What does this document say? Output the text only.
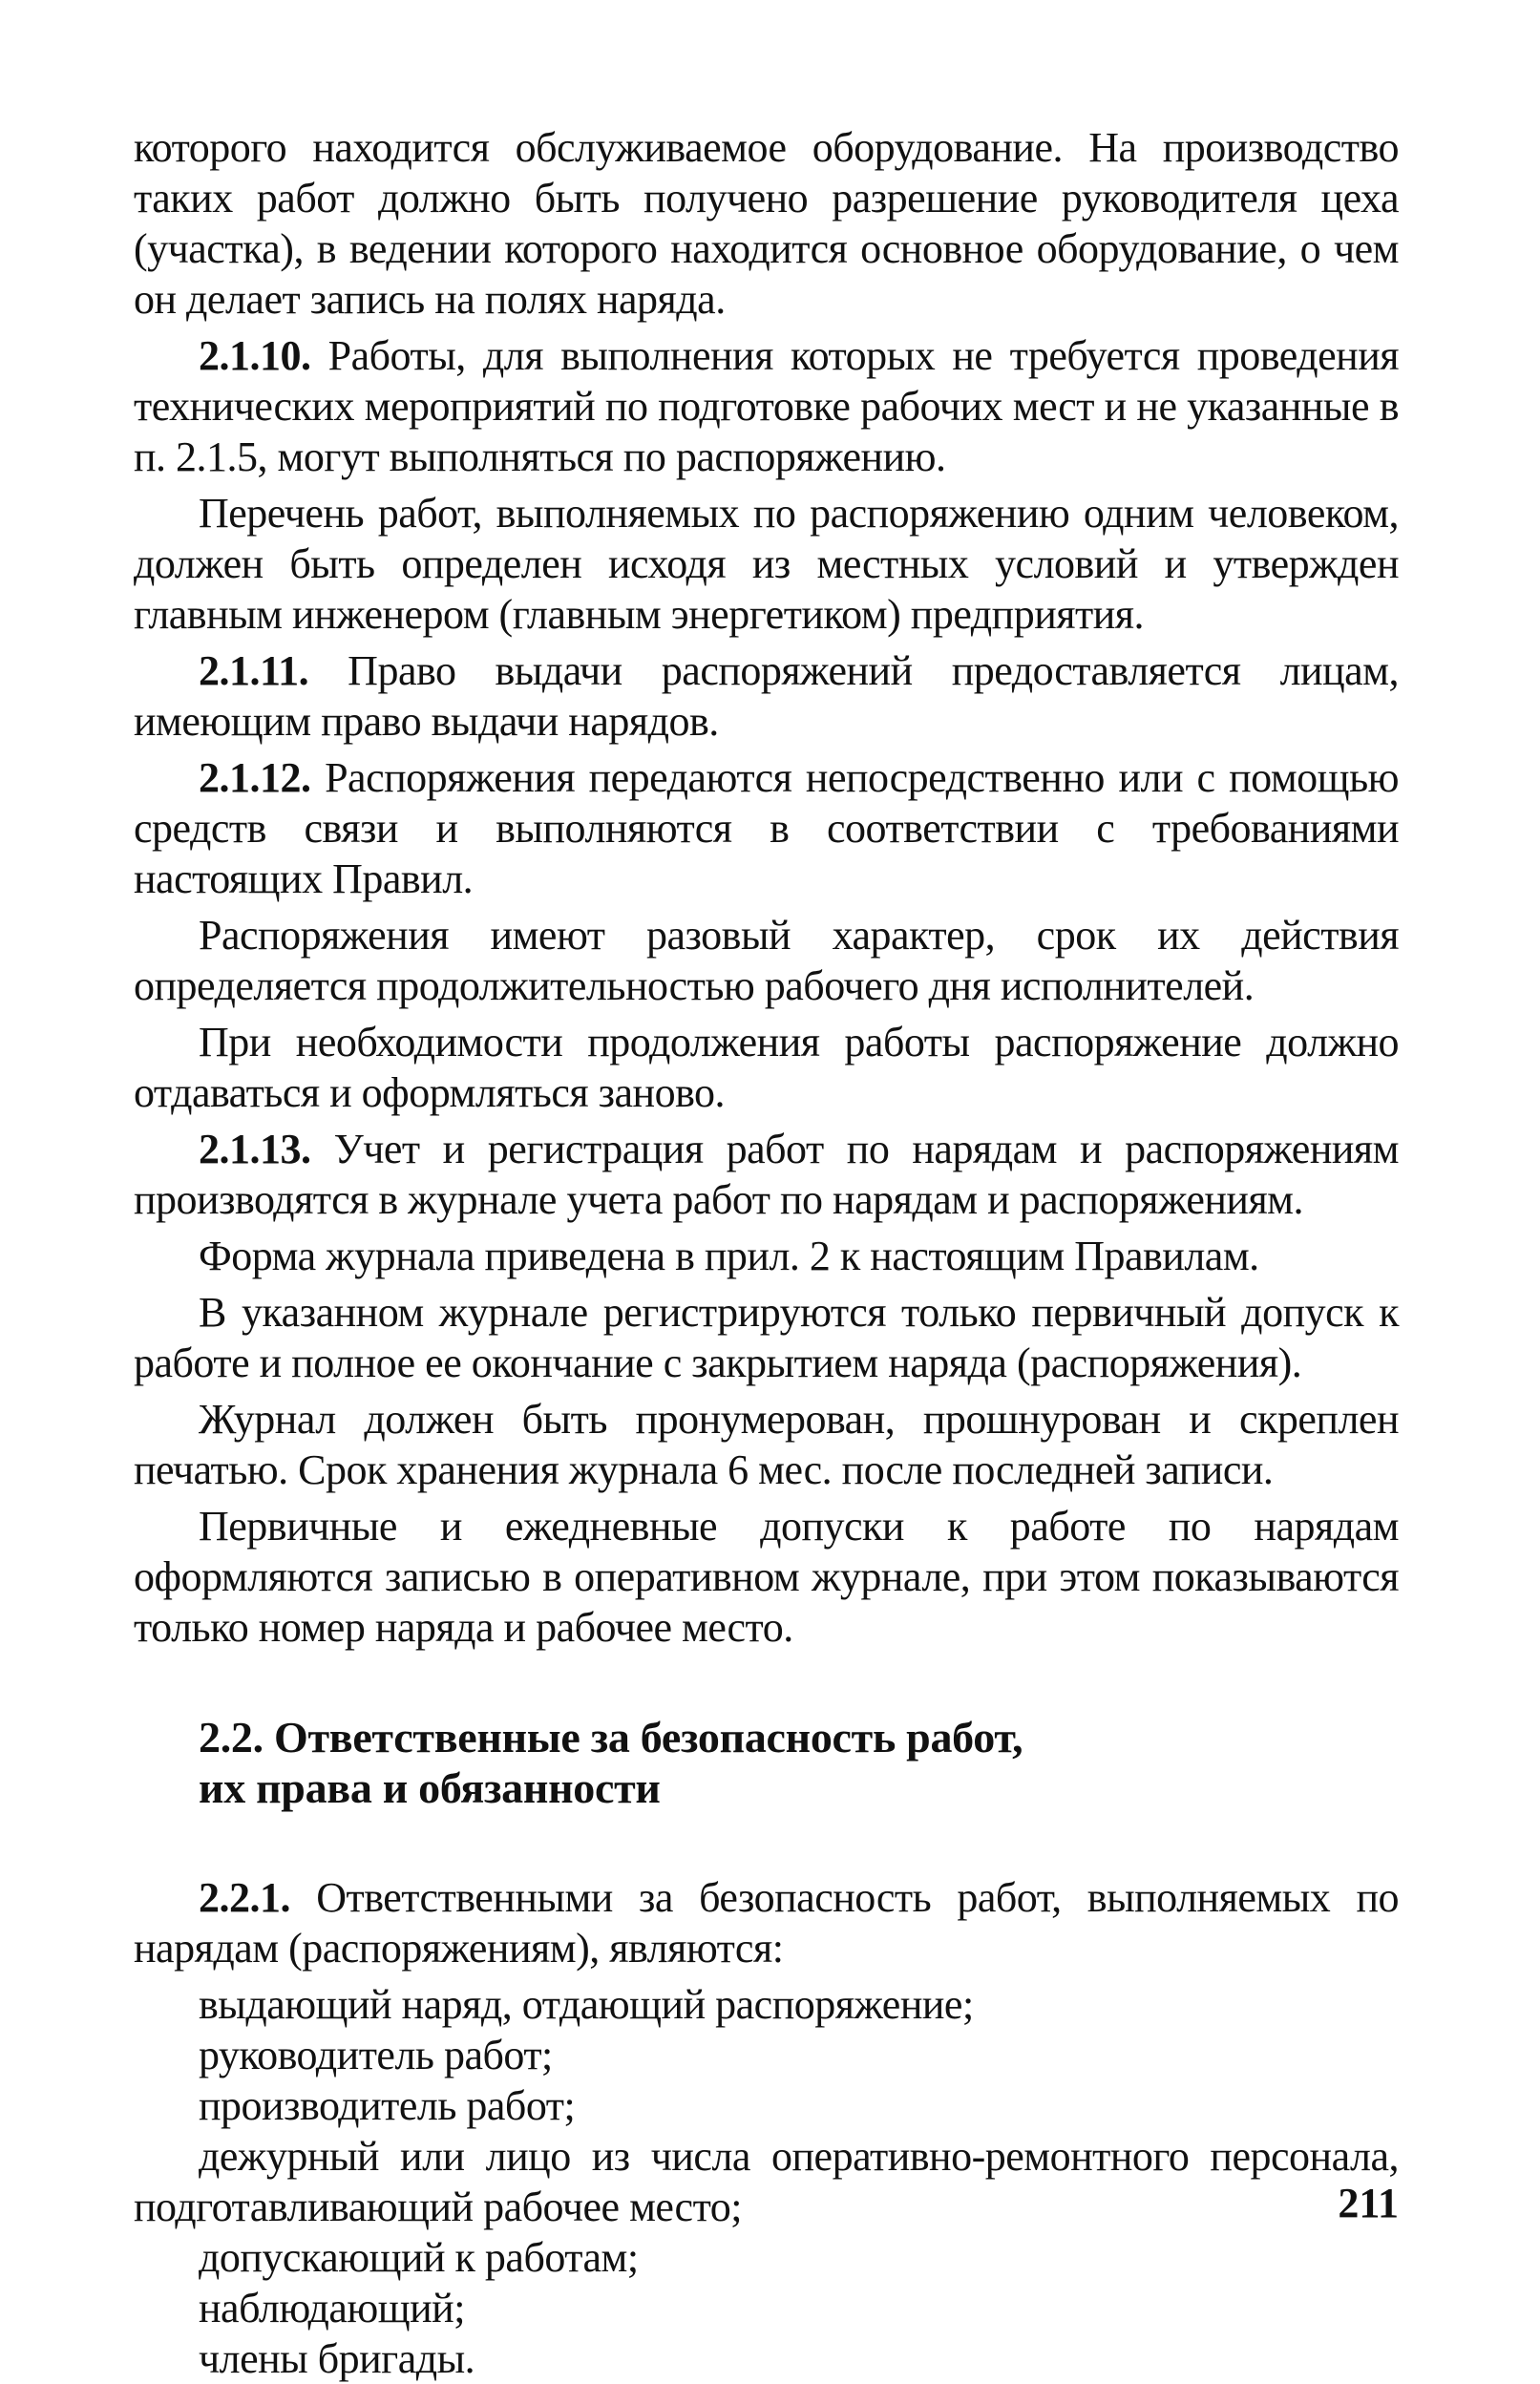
которого находится обслуживаемое оборудование. На производство таких работ должно быть получено разрешение руководителя цеха (участка), в ведении которого находится основное оборудование, о чем он делает запись на полях наряда.

2.1.10. Работы, для выполнения которых не требуется проведения технических мероприятий по подготовке рабочих мест и не указанные в п. 2.1.5, могут выполняться по распоряжению.

Перечень работ, выполняемых по распоряжению одним человеком, должен быть определен исходя из местных условий и утвержден главным инженером (главным энергетиком) предприятия.

2.1.11. Право выдачи распоряжений предоставляется лицам, имеющим право выдачи нарядов.

2.1.12. Распоряжения передаются непосредственно или с помощью средств связи и выполняются в соответствии с требованиями настоящих Правил.

Распоряжения имеют разовый характер, срок их действия определяется продолжительностью рабочего дня исполнителей.

При необходимости продолжения работы распоряжение должно отдаваться и оформляться заново.

2.1.13. Учет и регистрация работ по нарядам и распоряжениям производятся в журнале учета работ по нарядам и распоряжениям.

Форма журнала приведена в прил. 2 к настоящим Правилам.

В указанном журнале регистрируются только первичный допуск к работе и полное ее окончание с закрытием наряда (распоряжения).

Журнал должен быть пронумерован, прошнурован и скреплен печатью. Срок хранения журнала 6 мес. после последней записи.

Первичные и ежедневные допуски к работе по нарядам оформляются записью в оперативном журнале, при этом показываются только номер наряда и рабочее место.

2.2. Ответственные за безопасность работ,
их права и обязанности

2.2.1. Ответственными за безопасность работ, выполняемых по нарядам (распоряжениям), являются:

выдающий наряд, отдающий распоряжение;

руководитель работ;

производитель работ;

дежурный или лицо из числа оперативно-ремонтного персонала, подготавливающий рабочее место;

допускающий к работам;

наблюдающий;

члены бригады.

211
